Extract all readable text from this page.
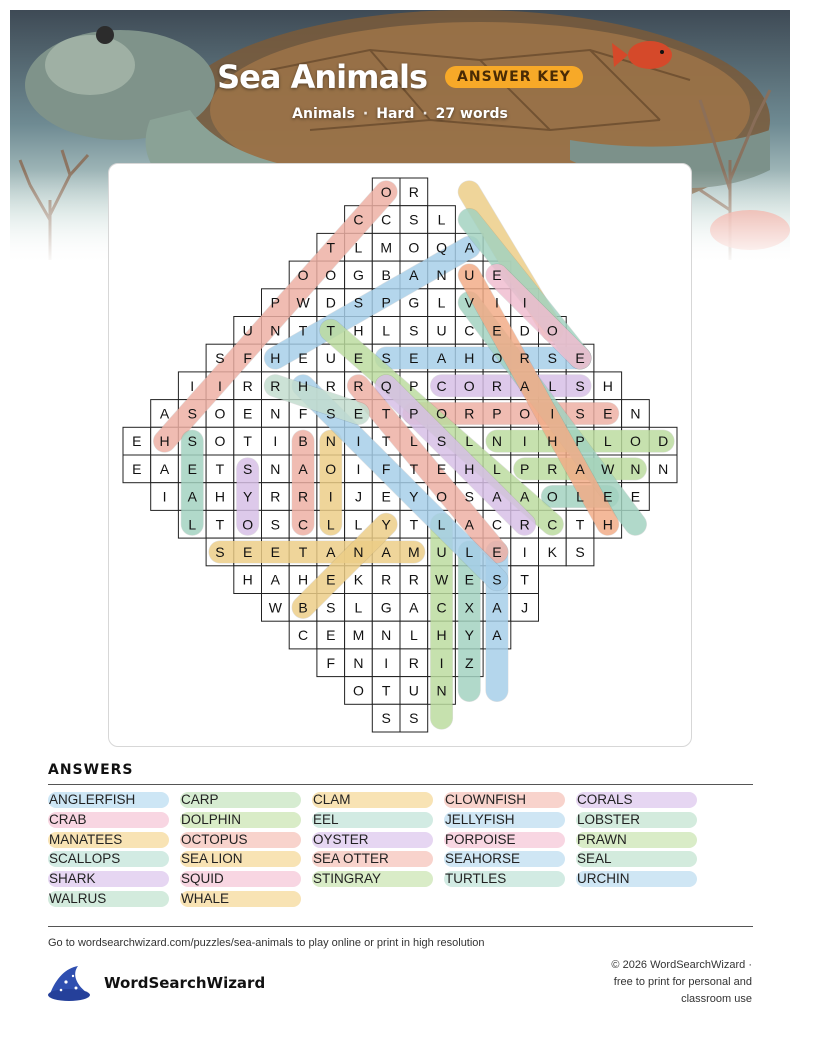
Sea Animals	ANSWER KEY
Animals · Hard · 27 words
O R
C C S L
T L M O Q A
O O G B A N U E
P W D S P G L V I I
U N T T H L S U C E D O
S F H E U E S E A H O R S E
I I R R H R R Q P C O R A L S H
A S O E N F S E T P O R P O I S E N
E H S O T I B N I T L S L N I H P L O D
E A E T S N A O I F T E H L P R A W N N
I A H Y R R I J E Y O S A A O L E E
L T O S C L L Y T L A C R C T H
S E E T A N A M U L E I K S
H A H E K R R W E S T
W B S L G A C X A J
C E M N L H Y A
F N I R I Z
O T U N
S S
ANSWERS
ANGLERFISH	CARP	CLAM	CLOWNFISH	CORALS
CRAB	DOLPHIN	EEL	JELLYFISH	LOBSTER
MANATEES	OCTOPUS	OYSTER	PORPOISE	PRAWN
SCALLOPS	SEA LION	SEA OTTER	SEAHORSE	SEAL
SHARK	SQUID	STINGRAY	TURTLES	URCHIN
WALRUS	WHALE
Go to wordsearchwizard.com/puzzles/sea-animals to play online or print in high resolution
WordSearchWizard
© 2026 WordSearchWizard ·
free to print for personal and
classroom use
